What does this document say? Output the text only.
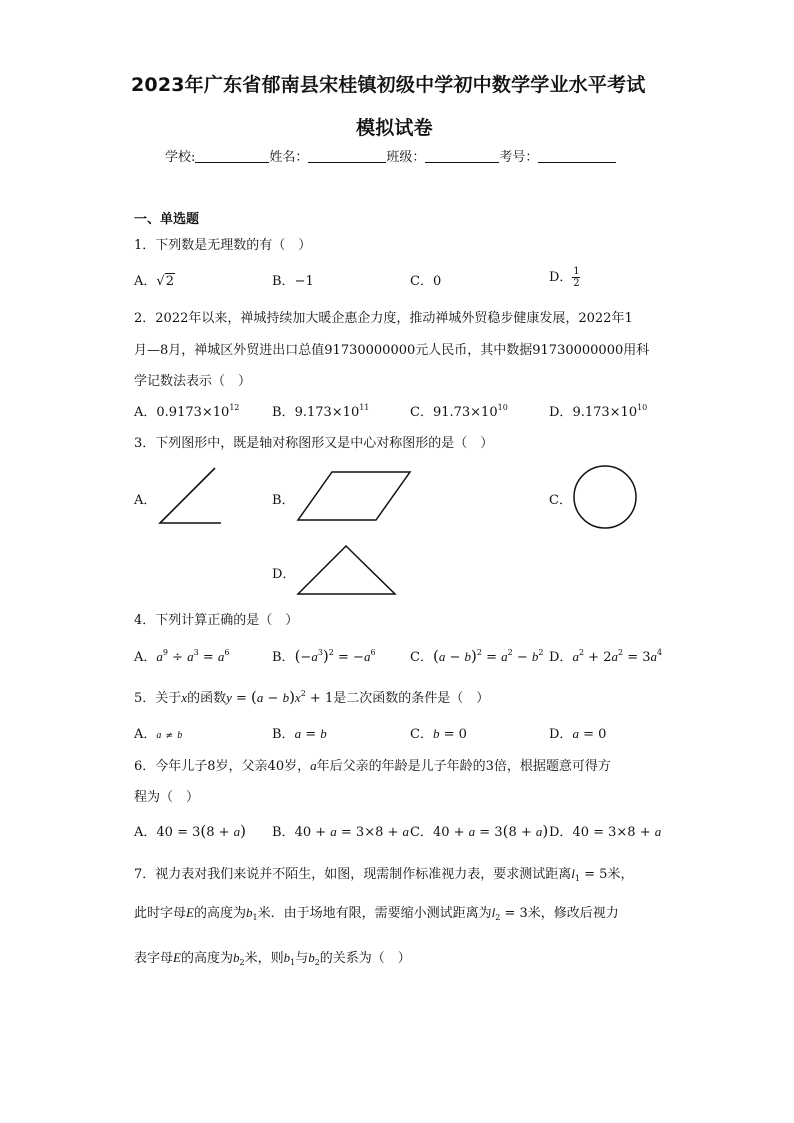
2023年广东省郁南县宋桂镇初级中学初中数学学业水平考试
模拟试卷
学校:	姓名：	班级：	考号：
一、单选题
1．下列数是无理数的有（　）
A．√2	B．−1	C．0	D． $\frac{1}{2}$
2．2022年以来，禅城持续加大暖企惠企力度，推动禅城外贸稳步健康发展，2022年1
月—8月，禅城区外贸进出口总值91730000000元人民币，其中数据91730000000用科
学记数法表示（　）
A．$0.9173\times 10^{12}$	B．$9.173\times 10^{11}$	C．$91.73\times 10^{10}$	D．$9.173\times 10^{10}$
3．下列图形中，既是轴对称图形又是中心对称图形的是（　）
A．	B．	C．
D．
4．下列计算正确的是（　）
A．$a^9 \div a^3 = a^6$	B．$(-a^3)^2 = -a^6$	C．$(a - b)^2 = a^2 - b^2$ D．$a^2 + 2a^2 = 3a^4$
5．关于x的函数$y = (a - b)x^2 + 1$是二次函数的条件是（　）
A．a ≠ b	B．a = b	C．b = 0	D．a = 0
6．今年儿子8岁，父亲40岁，a年后父亲的年龄是儿子年龄的3倍，根据题意可得方
程为（　）
A．40 = 3(8 + a) B．40 + a = 3×8 + a C．40 + a = 3(8 + a) D．40 = 3×8 + a
7．视力表对我们来说并不陌生，如图，现需制作标准视力表，要求测试距离$l_1 = 5$米，
此时字母E的高度为$b_1$米．由于场地有限，需要缩小测试距离为$l_2 = 3$米，修改后视力
表字母E的高度为$b_2$米，则$b_1$与$b_2$的关系为（　）
